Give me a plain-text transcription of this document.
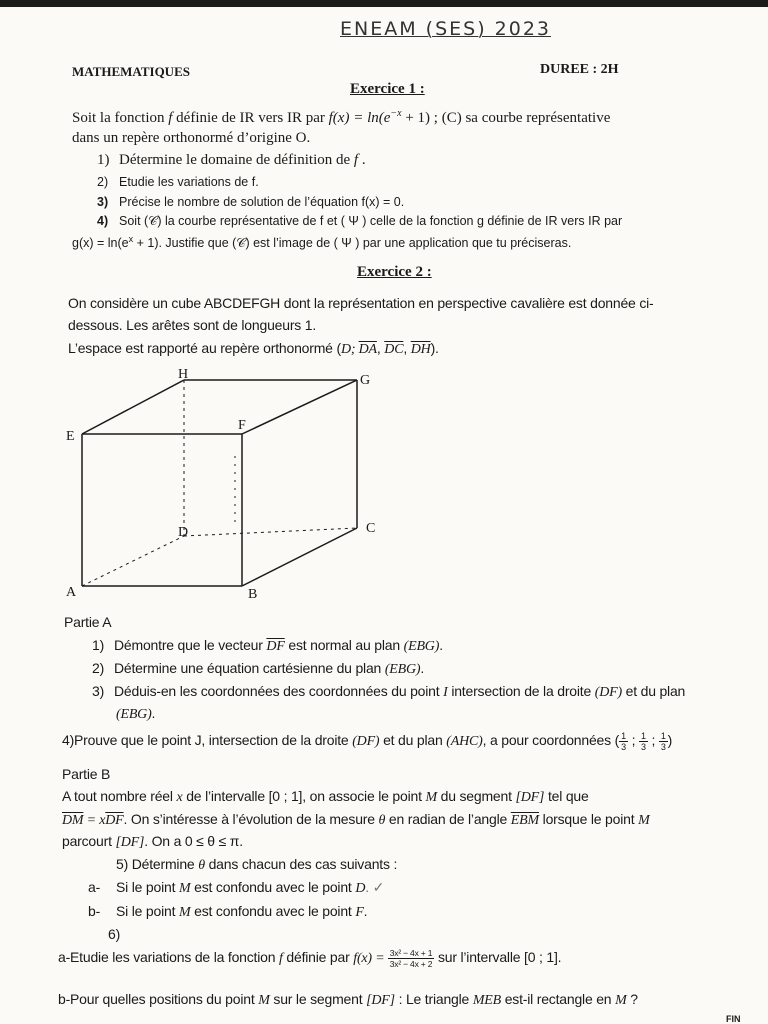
ENEAM (SES) 2023
MATHEMATIQUES	DUREE : 2H
Exercice 1 :
Soit la fonction f définie de IR vers IR par $f(x) = \ln(e^{-x} + 1)$ ; (C) sa courbe représentative
dans un repère orthonormé d’origine O.
1) Détermine le domaine de définition de f .
2) Etudie les variations de f.
3) Précise le nombre de solution de l’équation f(x) = 0.
4) Soit (𝒞) la courbe représentative de f et ( Ψ ) celle de la fonction g définie de IR vers IR par
$g(x) = \ln(e^x + 1)$. Justifie que (𝒞) est l’image de ( Ψ ) par une application que tu préciseras.
Exercice 2 :
On considère un cube ABCDEFGH dont la représentation en perspective cavalière est donnée ci-
dessous. Les arêtes sont de longueurs 1.
L’espace est rapporté au repère orthonormé (D; $\overline{DA}$, $\overline{DC}$, $\overline{DH}$).
H	G
E
F
D	C
A	B
Partie A
1) Démontre que le vecteur $\overline{DF}$ est normal au plan (EBG).
2) Détermine une équation cartésienne du plan (EBG).
3) Déduis-en les coordonnées des coordonnées du point I intersection de la droite (DF) et du plan
(EBG).
4)Prouve que le point J, intersection de la droite (DF) et du plan (AHC), a pour coordonnées ( $\frac{1}{3}$ ; $\frac{1}{3}$ ; $\frac{1}{3}$ )
Partie B
A tout nombre réel x de l’intervalle [0 ; 1], on associe le point M du segment [DF] tel que
$\overline{DM} = x\overline{DF}$. On s’intéresse à l’évolution de la mesure θ en radian de l’angle $\overline{EBM}$ lorsque le point M
parcourt [DF]. On a 0 ≤ θ ≤ π.
5) Détermine θ dans chacun des cas suivants :
a- Si le point M est confondu avec le point D. ✓
b- Si le point M est confondu avec le point F.
6)
a-Etudie les variations de la fonction f définie par $f(x) = \frac{\text{3x² − 4x + 1}}{\text{3x² − 4x + 2}}$ sur l’intervalle [0 ; 1].
b-Pour quelles positions du point M sur le segment [DF] : Le triangle MEB est-il rectangle en M ?
FIN
